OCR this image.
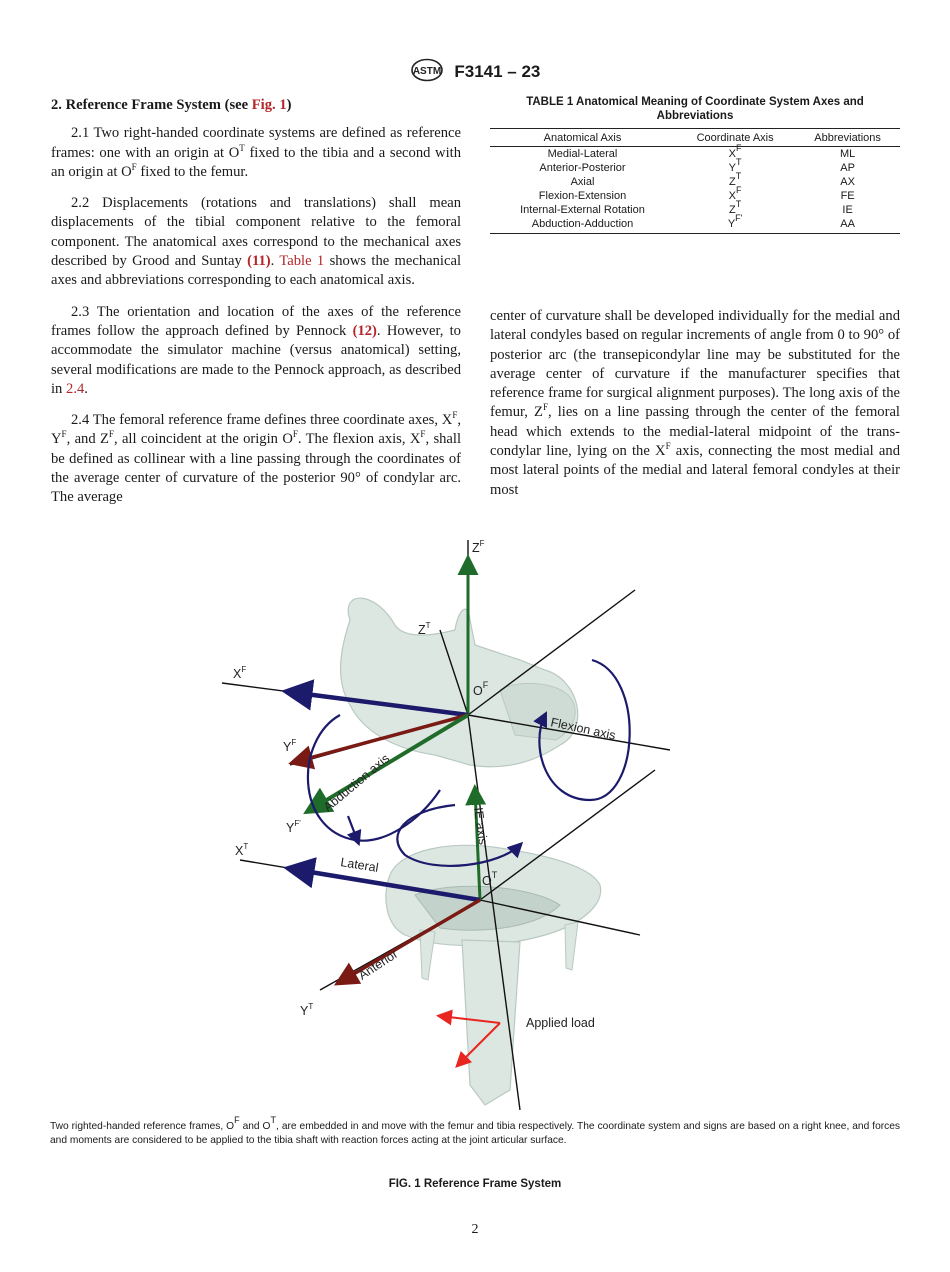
ASTM F3141 – 23
2. Reference Frame System (see Fig. 1)

2.1 Two right-handed coordinate systems are defined as reference frames: one with an origin at $O^T$ fixed to the tibia and a second with an origin at $O^F$ fixed to the femur.

2.2 Displacements (rotations and translations) shall mean displacements of the tibial component relative to the femoral component. The anatomical axes correspond to the mechanical axes described by Grood and Suntay (11). Table 1 shows the mechanical axes and abbreviations corresponding to each anatomical axis.

2.3 The orientation and location of the axes of the reference frames follow the approach defined by Pennock (12). However, to accommodate the simulator machine (versus anatomical) setting, several modifications are made to the Pennock approach, as described in 2.4.

2.4 The femoral reference frame defines three coordinate axes, $X^F$, $Y^F$, and $Z^F$, all coincident at the origin $O^F$. The flexion axis, $X^F$, shall be defined as collinear with a line passing through the coordinates of the average center of curvature of the posterior 90° of condylar arc. The average

TABLE 1 Anatomical Meaning of Coordinate System Axes and Abbreviations
Anatomical Axis	Coordinate Axis	Abbreviations
Medial-Lateral	$X^F$	ML
Anterior-Posterior	$Y^T$	AP
Axial	$Z^T$	AX
Flexion-Extension	$X^F$	FE
Internal-External Rotation	$Z^T$	IE
Abduction-Adduction	$Y^{F'}$	AA

center of curvature shall be developed individually for the medial and lateral condyles based on regular increments of angle from 0 to 90° of posterior arc (the transepicondylar line may be substituted for the average center of curvature if the manufacturer specifies that reference frame for surgical alignment purposes). The long axis of the femur, $Z^F$, lies on a line passing through the center of the femoral head which extends to the medial-lateral midpoint of the trans-condylar line, lying on the $X^F$ axis, connecting the most medial and most lateral points of the medial and lateral femoral condyles at their most

$Z^F$
$Z^T$
$X^F$
$Y^F$
$Y^{F'}$
$X^T$
$Y^T$
$O^F$
$O^T$
Flexion axis
Abduction axis
IE axis
Lateral
Anterior
Applied load
Two righted-handed reference frames, $O^F$ and $O^T$, are embedded in and move with the femur and tibia respectively. The coordinate system and signs are based on a right knee, and forces and moments are considered to be applied to the tibia shaft with reaction forces acting at the joint articular surface.
FIG. 1 Reference Frame System
2
